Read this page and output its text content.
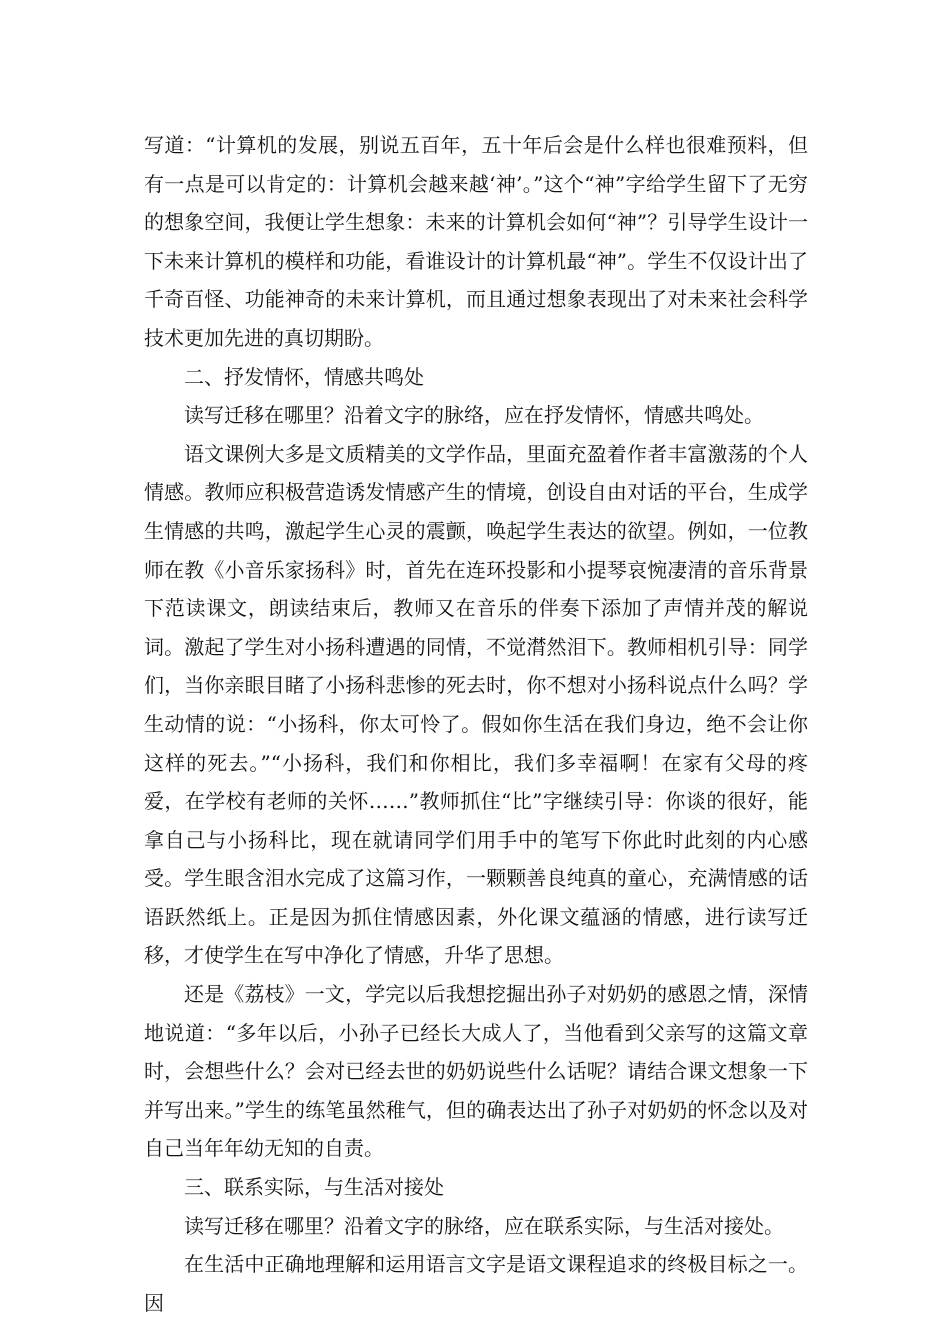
写道：“计算机的发展，别说五百年，五十年后会是什么样也很难预料，但有一点是可以肯定的：计算机会越来越‘神’。”这个“神”字给学生留下了无穷的想象空间，我便让学生想象：未来的计算机会如何“神”？引导学生设计一下未来计算机的模样和功能，看谁设计的计算机最“神”。学生不仅设计出了千奇百怪、功能神奇的未来计算机，而且通过想象表现出了对未来社会科学技术更加先进的真切期盼。

二、抒发情怀，情感共鸣处

读写迁移在哪里？沿着文字的脉络，应在抒发情怀，情感共鸣处。

语文课例大多是文质精美的文学作品，里面充盈着作者丰富激荡的个人情感。教师应积极营造诱发情感产生的情境，创设自由对话的平台，生成学生情感的共鸣，激起学生心灵的震颤，唤起学生表达的欲望。例如，一位教师在教《小音乐家扬科》时，首先在连环投影和小提琴哀惋凄清的音乐背景下范读课文，朗读结束后，教师又在音乐的伴奏下添加了声情并茂的解说词。激起了学生对小扬科遭遇的同情，不觉潸然泪下。教师相机引导：同学们，当你亲眼目睹了小扬科悲惨的死去时，你不想对小扬科说点什么吗？学生动情的说：“小扬科，你太可怜了。假如你生活在我们身边，绝不会让你这样的死去。”“小扬科，我们和你相比，我们多幸福啊！在家有父母的疼爱，在学校有老师的关怀……”教师抓住“比”字继续引导：你谈的很好，能拿自己与小扬科比，现在就请同学们用手中的笔写下你此时此刻的内心感受。学生眼含泪水完成了这篇习作，一颗颗善良纯真的童心，充满情感的话语跃然纸上。正是因为抓住情感因素，外化课文蕴涵的情感，进行读写迁移，才使学生在写中净化了情感，升华了思想。

还是《荔枝》一文，学完以后我想挖掘出孙子对奶奶的感恩之情，深情地说道：“多年以后，小孙子已经长大成人了，当他看到父亲写的这篇文章时，会想些什么？会对已经去世的奶奶说些什么话呢？请结合课文想象一下并写出来。”学生的练笔虽然稚气，但的确表达出了孙子对奶奶的怀念以及对自己当年年幼无知的自责。

三、联系实际，与生活对接处

读写迁移在哪里？沿着文字的脉络，应在联系实际，与生活对接处。

在生活中正确地理解和运用语言文字是语文课程追求的终极目标之一。因
